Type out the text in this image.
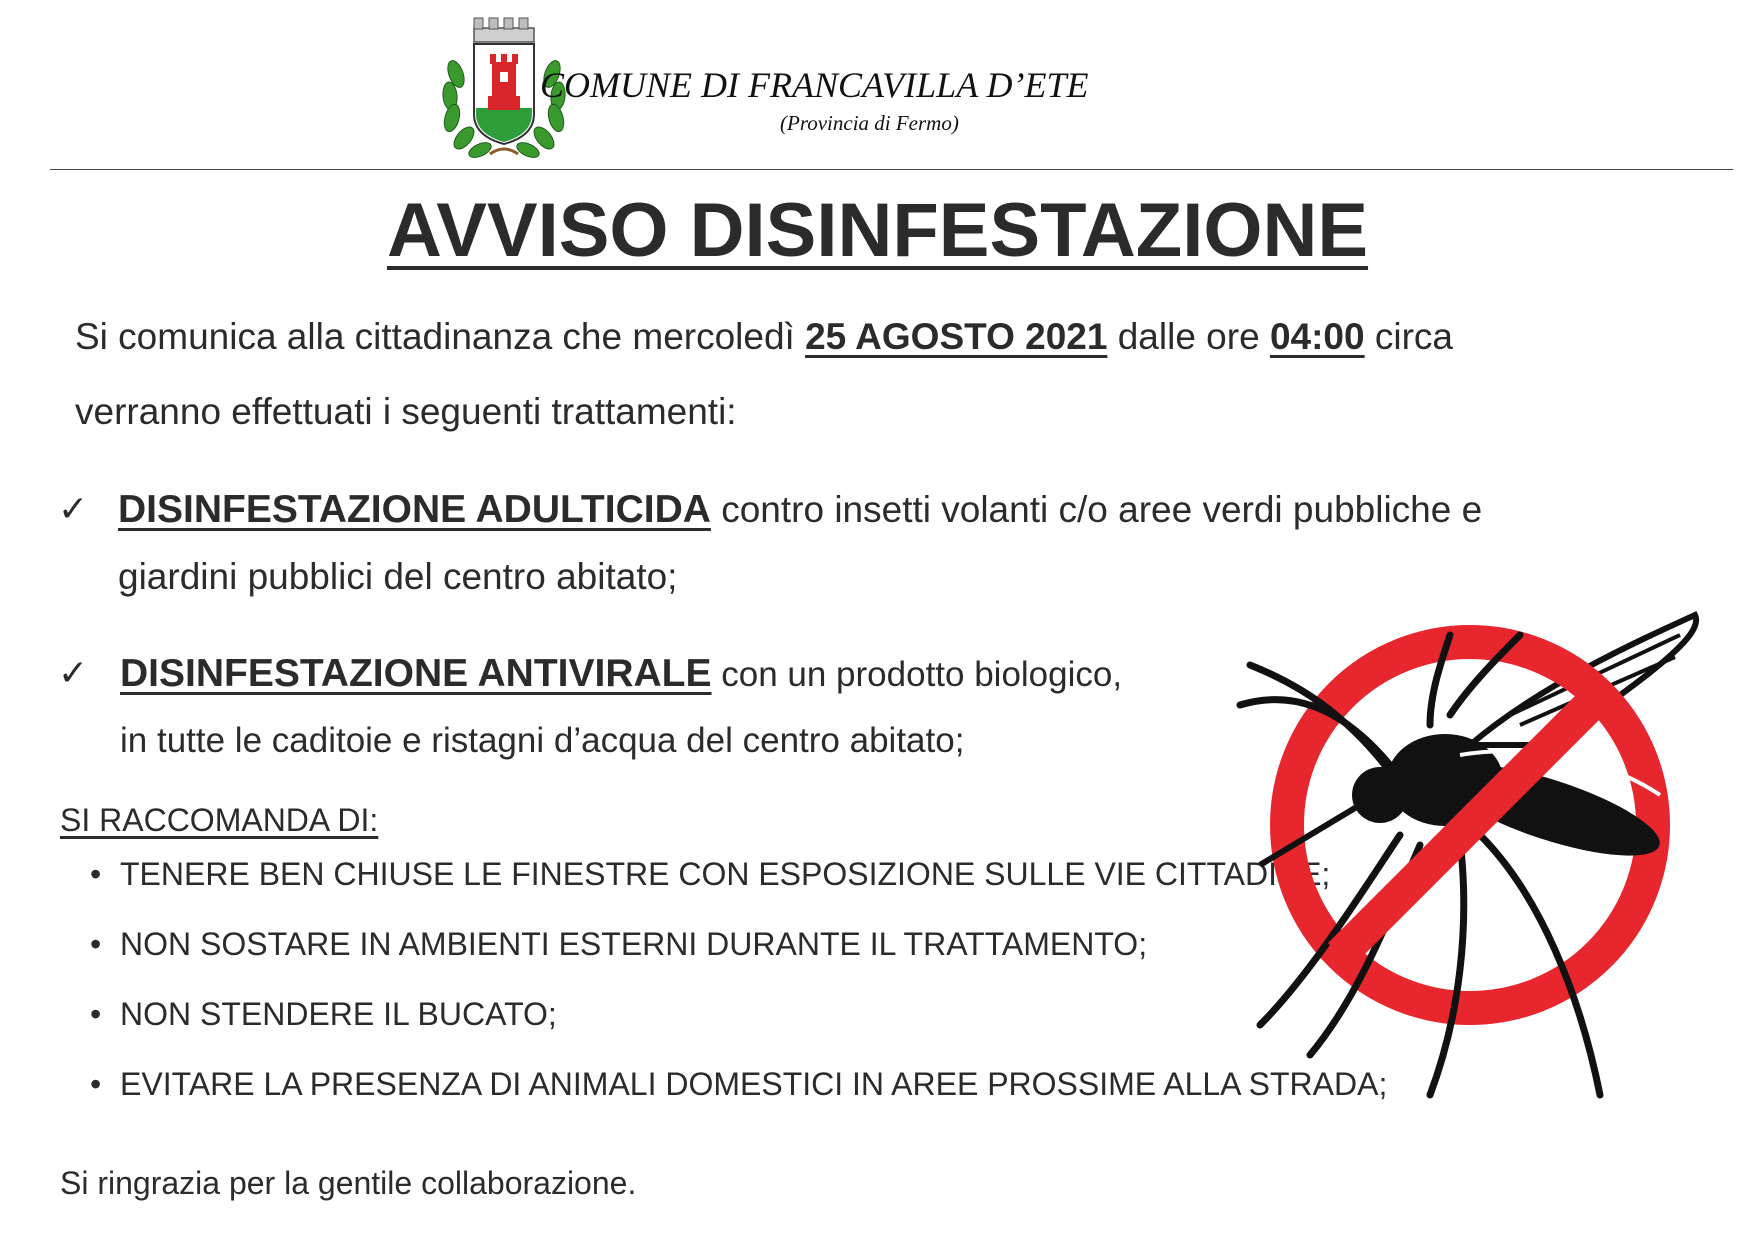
COMUNE DI FRANCAVILLA D’ETE
(Provincia di Fermo)
AVVISO DISINFESTAZIONE
Si comunica alla cittadinanza che mercoledì 25 AGOSTO 2021 dalle ore 04:00 circa
verranno effettuati i seguenti trattamenti:
✓ DISINFESTAZIONE ADULTICIDA contro insetti volanti c/o aree verdi pubbliche e
giardini pubblici del centro abitato;
✓ DISINFESTAZIONE ANTIVIRALE con un prodotto biologico,
in tutte le caditoie e ristagni d’acqua del centro abitato;
SI RACCOMANDA DI:
• TENERE BEN CHIUSE LE FINESTRE CON ESPOSIZIONE SULLE VIE CITTADINE;
• NON SOSTARE IN AMBIENTI ESTERNI DURANTE IL TRATTAMENTO;
• NON STENDERE IL BUCATO;
• EVITARE LA PRESENZA DI ANIMALI DOMESTICI IN AREE PROSSIME ALLA STRADA;
Si ringrazia per la gentile collaborazione.
